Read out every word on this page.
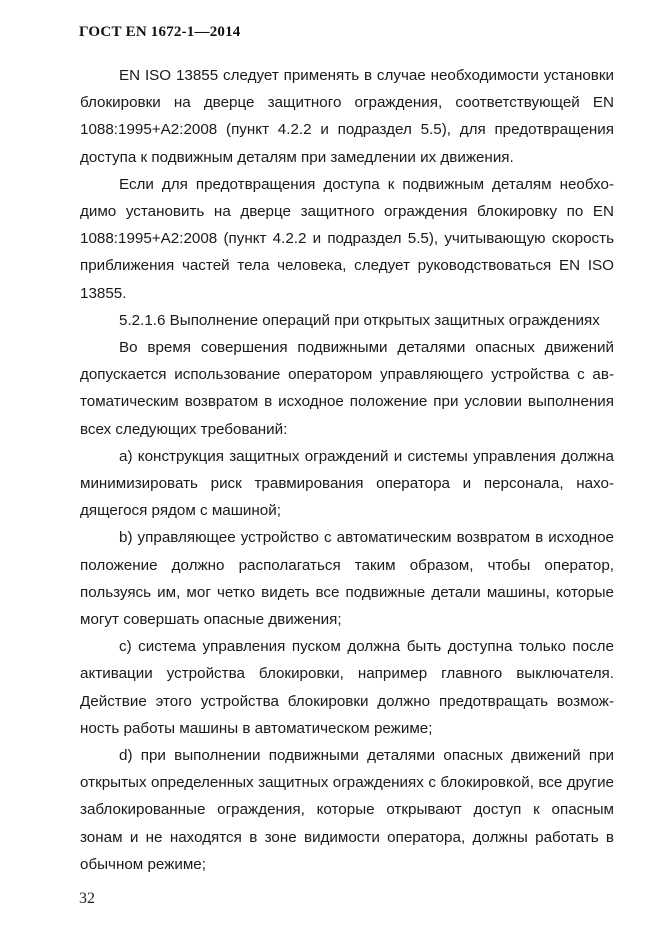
ГОСТ EN 1672-1—2014

EN ISO 13855 следует применять в случае необходимости установки блокировки на дверце защитного ограждения, соответствующей EN 1088:1995+A2:2008 (пункт 4.2.2 и подраздел 5.5), для предотвращения доступа к подвижным деталям при замедлении их движения.

Если для предотвращения доступа к подвижным деталям необходимо установить на дверце защитного ограждения блокировку по EN 1088:1995+A2:2008 (пункт 4.2.2 и подраздел 5.5), учитывающую скорость приближения частей тела человека, следует руководствоваться EN ISO 13855.

5.2.1.6 Выполнение операций при открытых защитных ограждениях

Во время совершения подвижными деталями опасных движений допускается использование оператором управляющего устройства с автоматическим возвратом в исходное положение при условии выполнения всех следующих требований:

a) конструкция защитных ограждений и системы управления должна минимизировать риск травмирования оператора и персонала, находящегося рядом с машиной;

b) управляющее устройство с автоматическим возвратом в исходное положение должно располагаться таким образом, чтобы оператор, пользуясь им, мог четко видеть все подвижные детали машины, которые могут совершать опасные движения;

c) система управления пуском должна быть доступна только после активации устройства блокировки, например главного выключателя. Действие этого устройства блокировки должно предотвращать возможность работы машины в автоматическом режиме;

d) при выполнении подвижными деталями опасных движений при открытых определенных защитных ограждениях с блокировкой, все другие заблокированные ограждения, которые открывают доступ к опасным зонам и не находятся в зоне видимости оператора, должны работать в обычном режиме;

32
